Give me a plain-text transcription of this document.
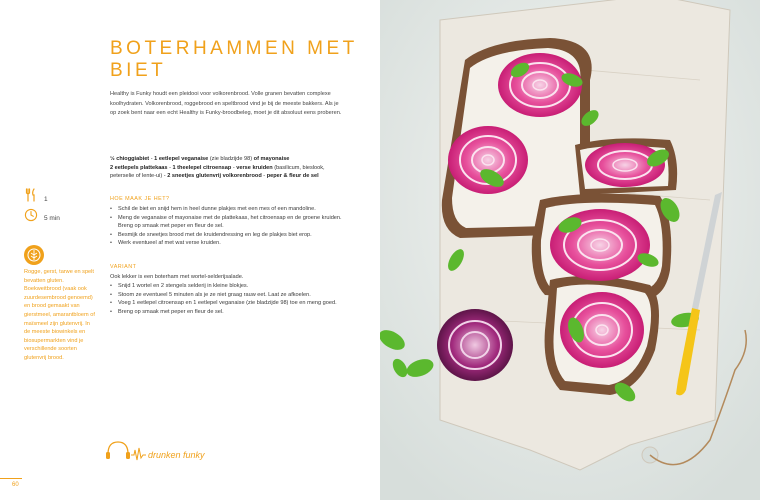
BOTERHAMMEN MET BIET
Healthy is Funky houdt een pleidooi voor volkorenbrood. Volle granen bevatten complexe koolhydraten. Volkorenbrood, roggebrood en speltbrood vind je bij de meeste bakkers. Als je op zoek bent naar een echt Healthy is Funky-broodbeleg, moet je dit absoluut eens proberen.
½ chioggiabiet - 1 eetlepel veganaise (zie bladzijde 98) of mayonaise
2 eetlepels plattekaas - 1 theelepel citroensap - verse kruiden (basilicum, bieslook,
peterselie of lente-ui) - 2 sneetjes glutenvrij volkorenbrood - peper & fleur de sel
1
5 min
HOE MAAK JE HET?
• Schil de biet en snijd hem in heel dunne plakjes met een mes of een mandoline.
• Meng de veganaise of mayonaise met de plattekaas, het citroensap en de groene kruiden. Breng op smaak met peper en fleur de sel.
• Besmijk de sneetjes brood met de kruidendressing en leg de plakjes biet erop.
• Werk eventueel af met wat verse kruiden.
Rogge, gerst, tarwe en spelt bevatten gluten. Boekweitbrood (vaak ook zuurdesembrood genoemd) en brood gemaakt van gierstmeel, amarantbloem of maïsmeel zijn glutenvrij. In de meeste biowinkels en biosupermarkten vind je verschillende soorten glutenvrij brood.
VARIANT
Ook lekker is een boterham met wortel-selderijsalade.
• Snijd 1 wortel en 2 stengels selderij in kleine blokjes.
• Stoom ze eventueel 5 minuten als je ze niet graag rauw eet. Laat ze afkoelen.
• Voeg 1 eetlepel citroensap en 1 eetlepel veganaise (zie bladzijde 98) toe en meng goed.
• Breng op smaak met peper en fleur de sel.
drunken funky
60
